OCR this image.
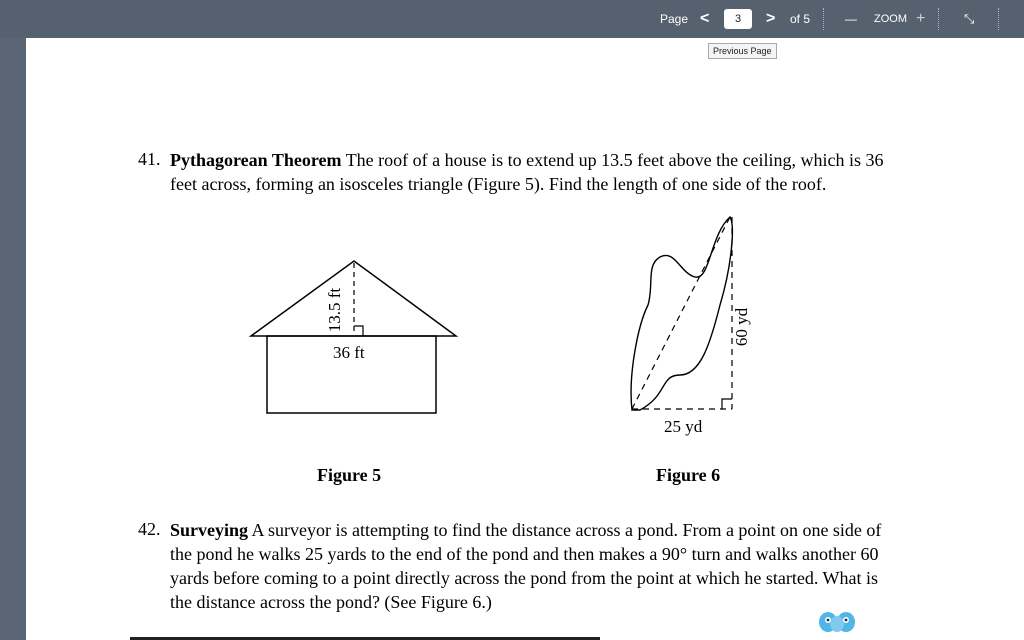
Page <
3	> of 5	— ZOOM +	⤡
Previous Page
41. Pythagorean Theorem The roof of a house is to extend up 13.5 feet above the ceiling, which is 36
feet across, forming an isosceles triangle (Figure 5). Find the length of one side of the roof.
13.5 ft
36 ft
Figure 5
60 yd
25 yd
Figure 6
42. Surveying A surveyor is attempting to find the distance across a pond. From a point on one side of
the pond he walks 25 yards to the end of the pond and then makes a 90° turn and walks another 60
yards before coming to a point directly across the pond from the point at which he started. What is
the distance across the pond? (See Figure 6.)
